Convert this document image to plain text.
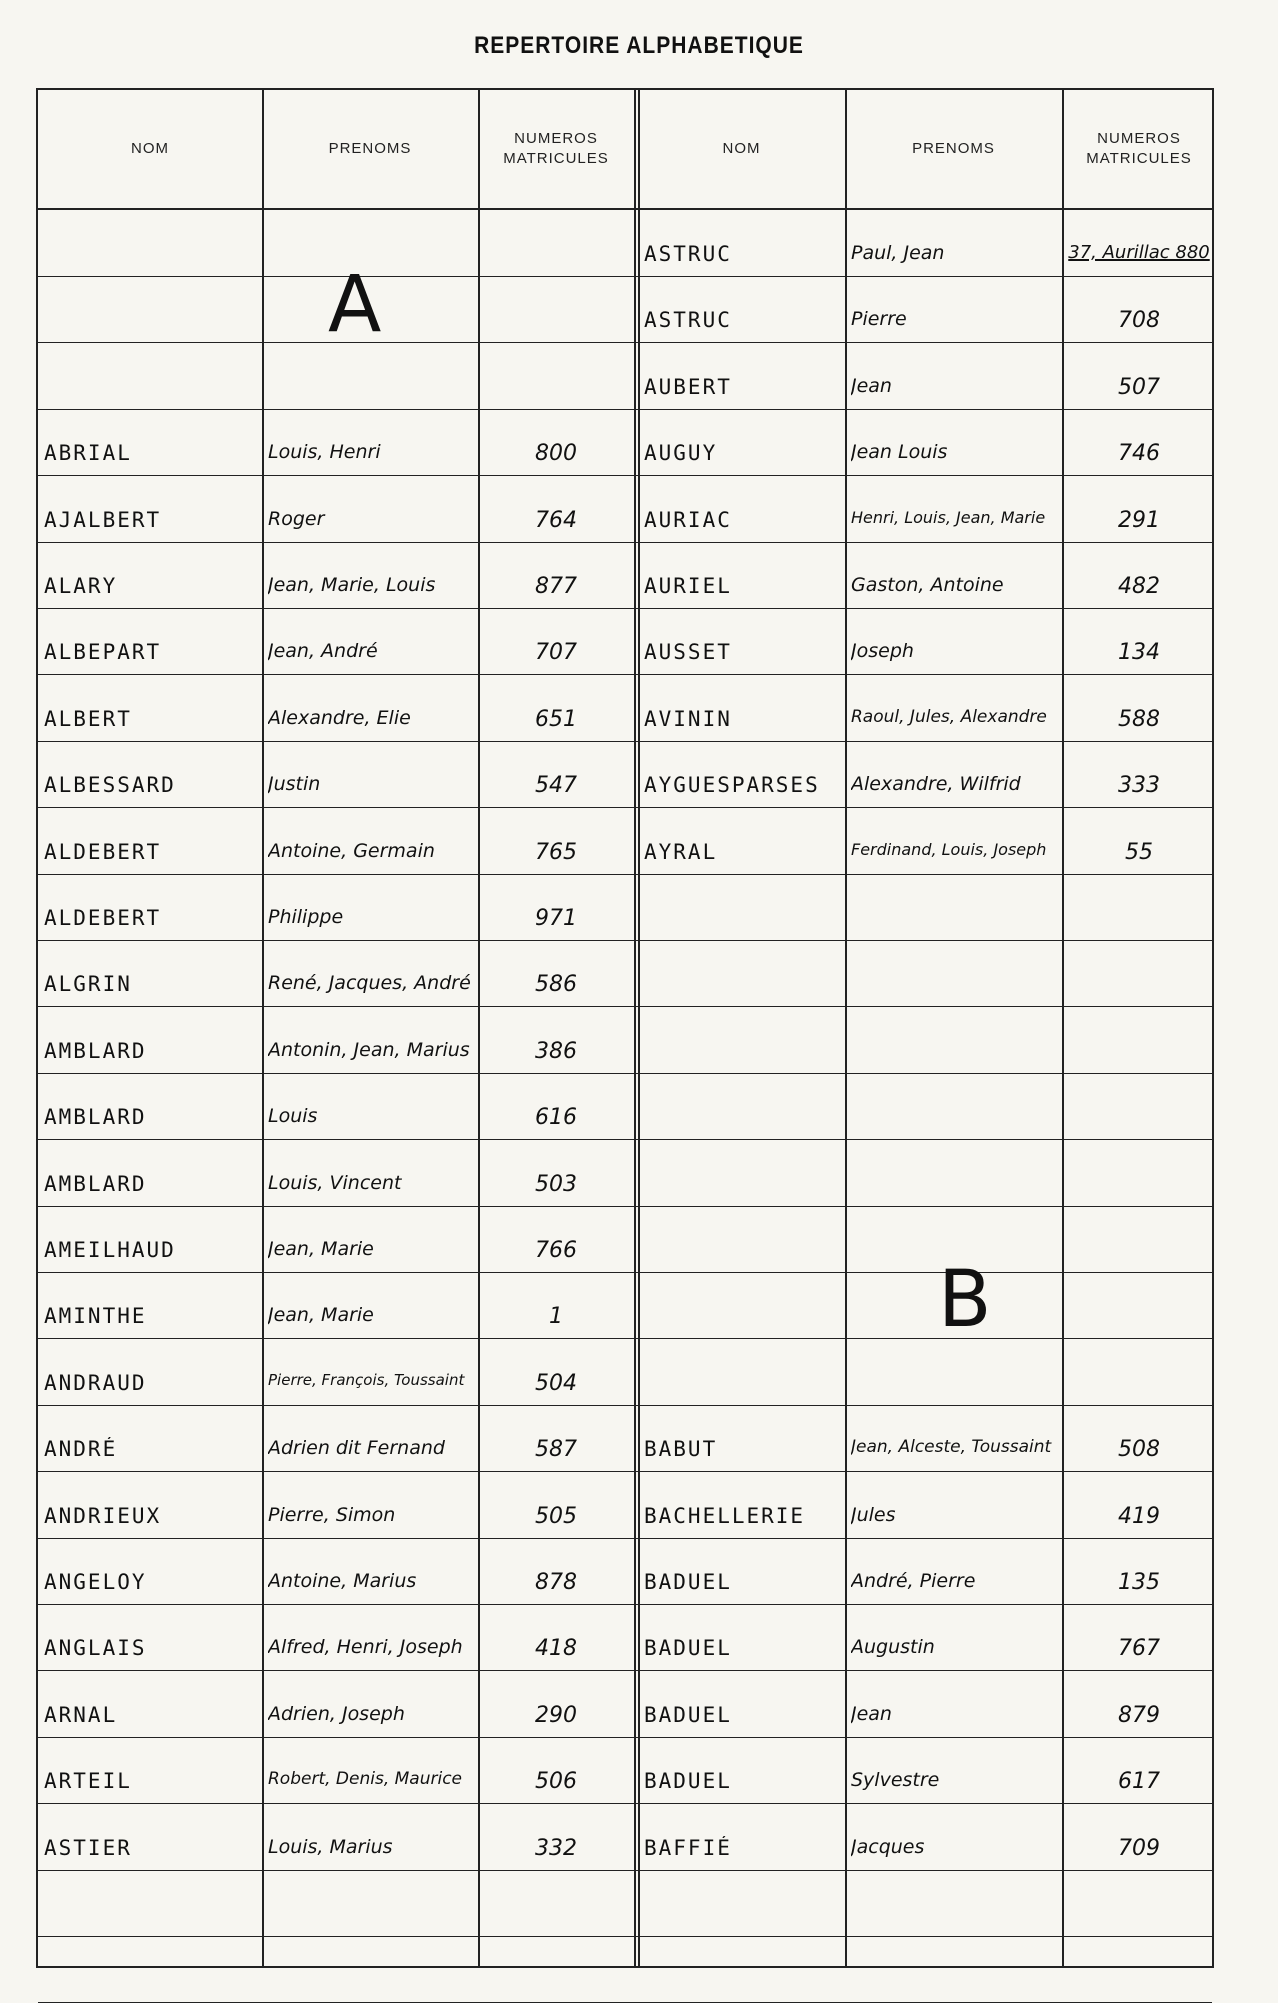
REPERTOIRE ALPHABETIQUE
NOM	PRENOMS
NUMEROS
MATRICULES
NOM	PRENOMS
NUMEROS
MATRICULES
A
B
ABRIAL	Louis, Henri	800
AJALBERT	Roger	764
ALARY	Jean, Marie, Louis	877
ALBEPART	Jean, André	707
ALBERT	Alexandre, Elie	651
ALBESSARD	Justin	547
ALDEBERT	Antoine, Germain	765
ALDEBERT	Philippe	971
ALGRIN	René, Jacques, André	586
AMBLARD	Antonin, Jean, Marius	386
AMBLARD	Louis	616
AMBLARD	Louis, Vincent	503
AMEILHAUD	Jean, Marie	766
AMINTHE	Jean, Marie	1
ANDRAUD	Pierre, François, Toussaint	504
ANDRÉ	Adrien dit Fernand	587
ANDRIEUX	Pierre, Simon	505
ANGELOY	Antoine, Marius	878
ANGLAIS	Alfred, Henri, Joseph	418
ARNAL	Adrien, Joseph	290
ARTEIL	Robert, Denis, Maurice	506
ASTIER	Louis, Marius	332
ASTRUC	Paul, Jean	37, Aurillac 880
ASTRUC	Pierre	708
AUBERT	Jean	507
AUGUY	Jean Louis	746
AURIAC	Henri, Louis, Jean, Marie	291
AURIEL	Gaston, Antoine	482
AUSSET	Joseph	134
AVININ	Raoul, Jules, Alexandre	588
AYGUESPARSES	Alexandre, Wilfrid	333
AYRAL	Ferdinand, Louis, Joseph	55
BABUT	Jean, Alceste, Toussaint	508
BACHELLERIE	Jules	419
BADUEL	André, Pierre	135
BADUEL	Augustin	767
BADUEL	Jean	879
BADUEL	Sylvestre	617
BAFFIÉ	Jacques	709
